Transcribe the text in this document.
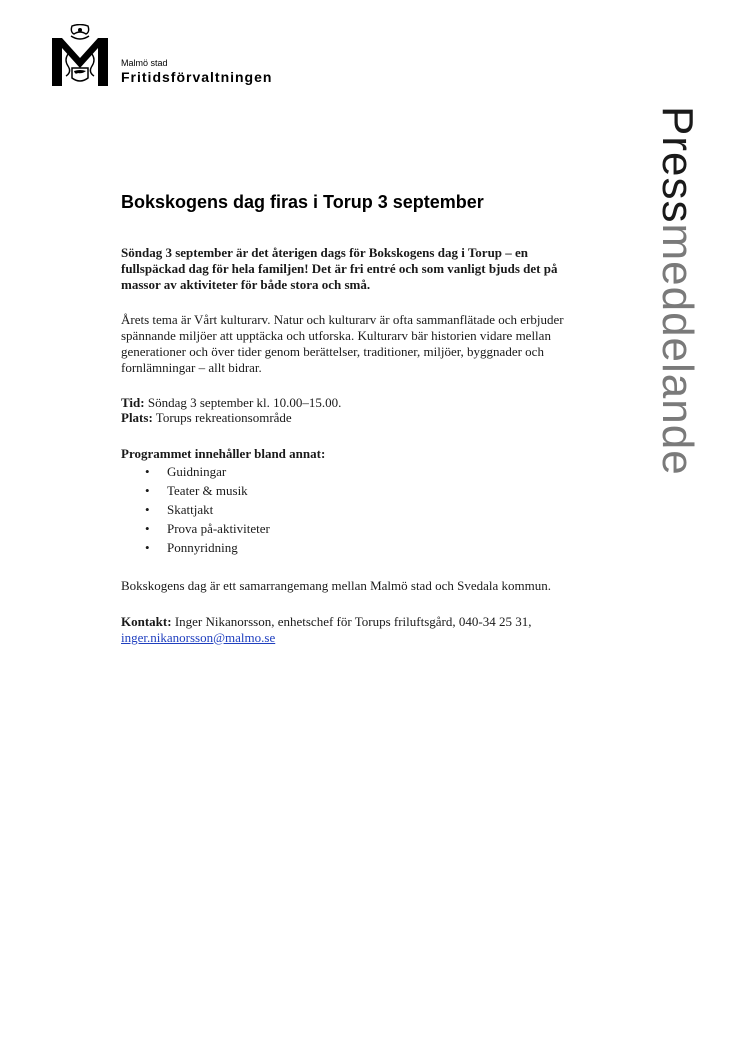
Malmö stad
Fritidsförvaltningen
Pressmeddelande
Bokskogens dag firas i Torup 3 september

Söndag 3 september är det återigen dags för Bokskogens dag i Torup – en fullspäckad dag för hela familjen! Det är fri entré och som vanligt bjuds det på massor av aktiviteter för både stora och små.

Årets tema är Vårt kulturarv. Natur och kulturarv är ofta sammanflätade och erbjuder spännande miljöer att upptäcka och utforska. Kulturarv bär historien vidare mellan generationer och över tider genom berättelser, traditioner, miljöer, byggnader och fornlämningar – allt bidrar.

Tid: Söndag 3 september kl. 10.00–15.00.
Plats: Torups rekreationsområde

Programmet innehåller bland annat:

• Guidningar
• Teater & musik
• Skattjakt
• Prova på-aktiviteter
• Ponnyridning

Bokskogens dag är ett samarrangemang mellan Malmö stad och Svedala kommun.

Kontakt: Inger Nikanorsson, enhetschef för Torups friluftsgård, 040-34 25 31,
inger.nikanorsson@malmo.se
